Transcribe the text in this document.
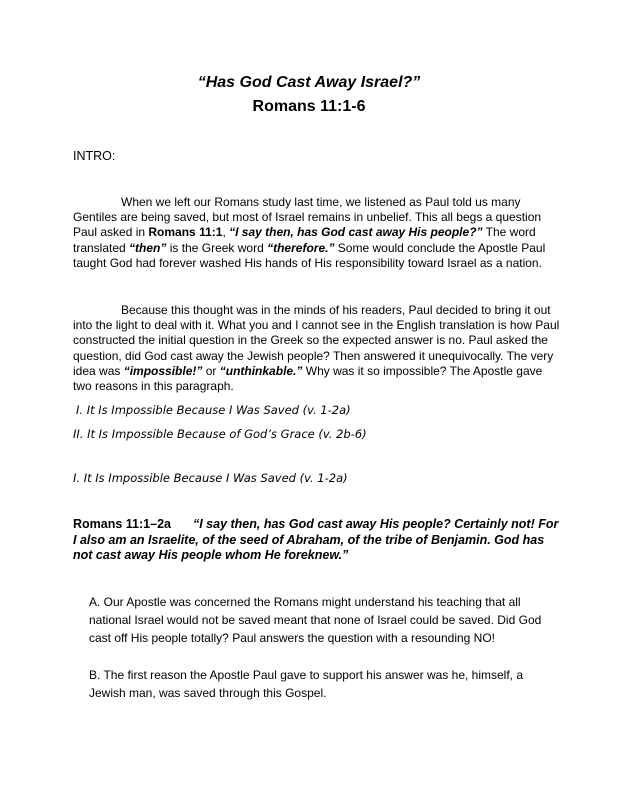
“Has God Cast Away Israel?”
Romans 11:1-6
INTRO:
When we left our Romans study last time, we listened as Paul told us many Gentiles are being saved, but most of Israel remains in unbelief. This all begs a question Paul asked in Romans 11:1, “I say then, has God cast away His people?” The word translated “then” is the Greek word “therefore.” Some would conclude the Apostle Paul taught God had forever washed His hands of His responsibility toward Israel as a nation.
Because this thought was in the minds of his readers, Paul decided to bring it out into the light to deal with it. What you and I cannot see in the English translation is how Paul constructed the initial question in the Greek so the expected answer is no. Paul asked the question, did God cast away the Jewish people? Then answered it unequivocally. The very idea was “impossible!” or “unthinkable.” Why was it so impossible? The Apostle gave two reasons in this paragraph.
I. It Is Impossible Because I Was Saved (v. 1-2a)
II. It Is Impossible Because of God’s Grace (v. 2b-6)
I. It Is Impossible Because I Was Saved (v. 1-2a)
Romans 11:1–2a “I say then, has God cast away His people? Certainly not! For I also am an Israelite, of the seed of Abraham, of the tribe of Benjamin. God has not cast away His people whom He foreknew.”
A. Our Apostle was concerned the Romans might understand his teaching that all national Israel would not be saved meant that none of Israel could be saved. Did God cast off His people totally? Paul answers the question with a resounding NO!
B. The first reason the Apostle Paul gave to support his answer was he, himself, a Jewish man, was saved through this Gospel.
